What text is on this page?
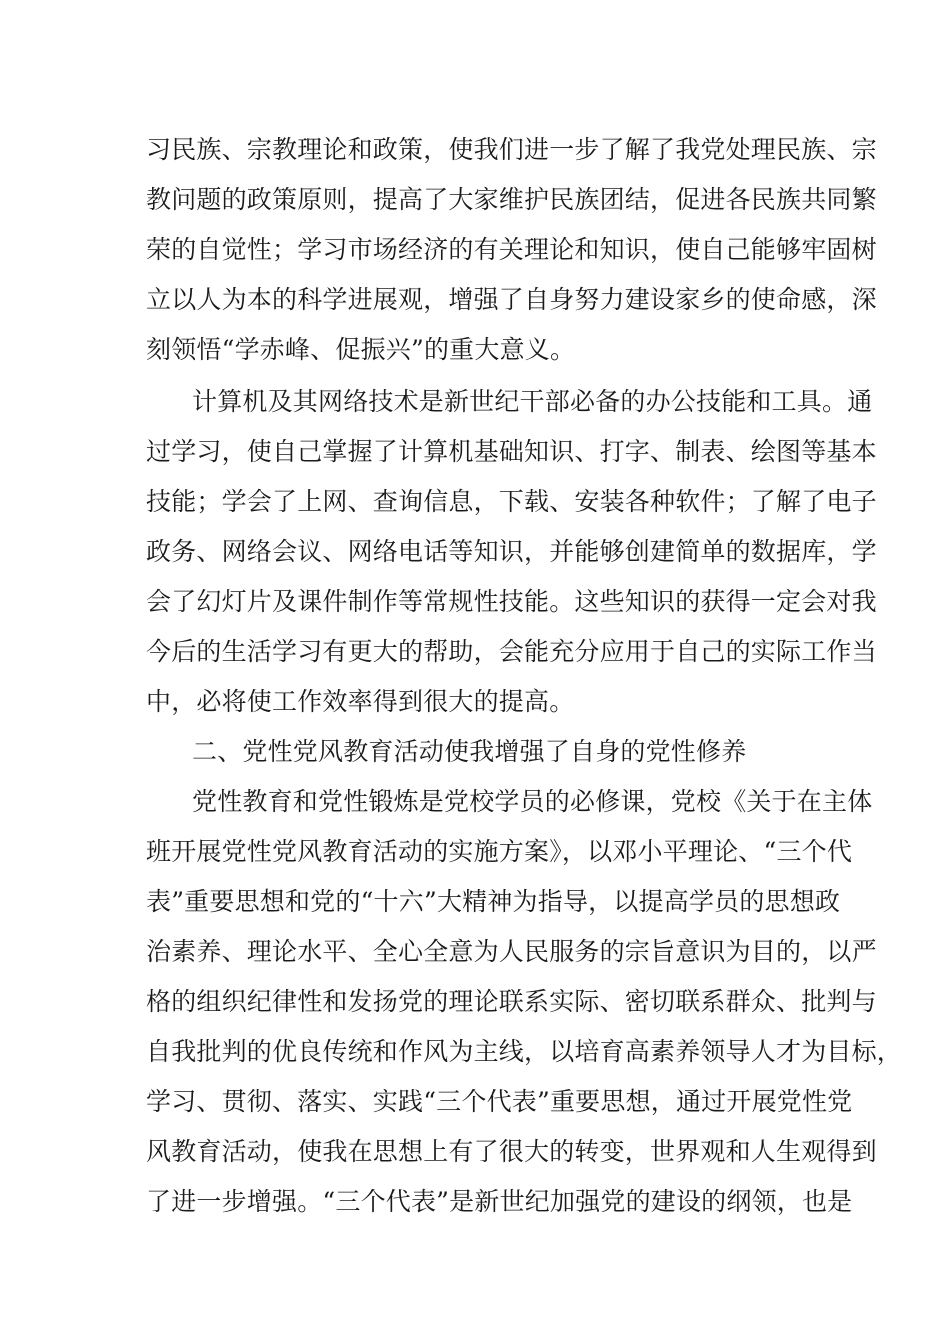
习民族、宗教理论和政策，使我们进一步了解了我党处理民族、宗
教问题的政策原则，提高了大家维护民族团结，促进各民族共同繁
荣的自觉性；学习市场经济的有关理论和知识，使自己能够牢固树
立以人为本的科学进展观，增强了自身努力建设家乡的使命感，深
刻领悟“学赤峰、促振兴”的重大意义。
计算机及其网络技术是新世纪干部必备的办公技能和工具。通
过学习，使自己掌握了计算机基础知识、打字、制表、绘图等基本
技能；学会了上网、查询信息，下载、安装各种软件；了解了电子
政务、网络会议、网络电话等知识，并能够创建简单的数据库，学
会了幻灯片及课件制作等常规性技能。这些知识的获得一定会对我
今后的生活学习有更大的帮助，会能充分应用于自己的实际工作当
中，必将使工作效率得到很大的提高。
二、党性党风教育活动使我增强了自身的党性修养
党性教育和党性锻炼是党校学员的必修课，党校《关于在主体
班开展党性党风教育活动的实施方案》，以邓小平理论、“三个代
表”重要思想和党的“十六”大精神为指导，以提高学员的思想政
治素养、理论水平、全心全意为人民服务的宗旨意识为目的，以严
格的组织纪律性和发扬党的理论联系实际、密切联系群众、批判与
自我批判的优良传统和作风为主线，以培育高素养领导人才为目标，
学习、贯彻、落实、实践“三个代表”重要思想，通过开展党性党
风教育活动，使我在思想上有了很大的转变，世界观和人生观得到
了进一步增强。“三个代表”是新世纪加强党的建设的纲领，也是
